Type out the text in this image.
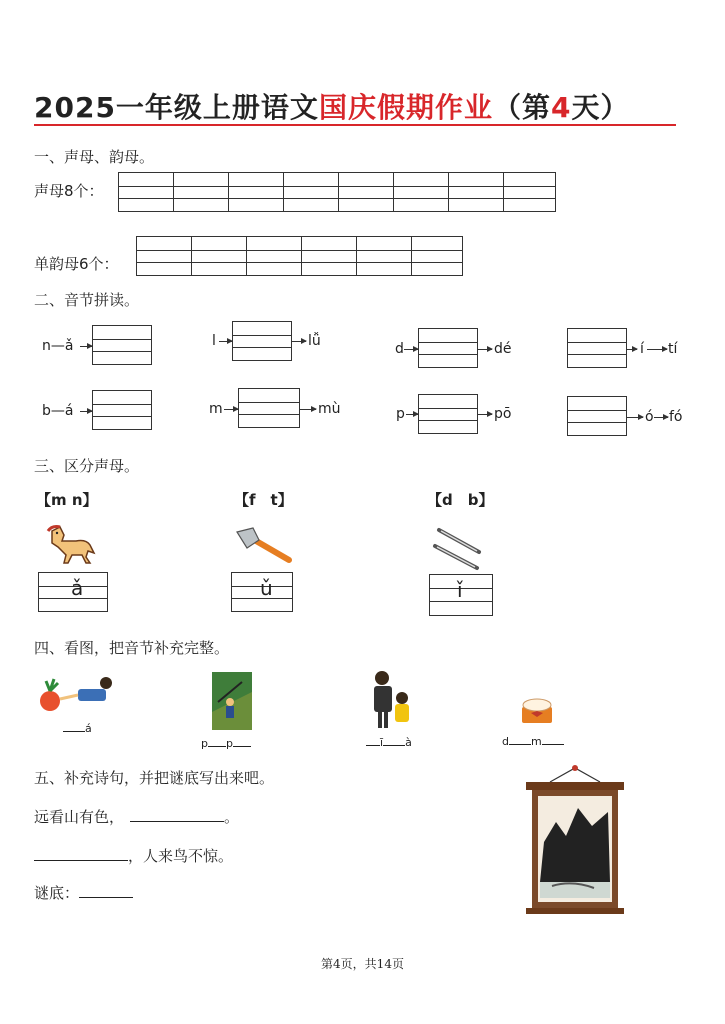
2025一年级上册语文国庆假期作业（第4天）
一、声母、韵母。
声母8个：
单韵母6个：
二、音节拼读。
n—ǎ	l	lǚ	d	dé	í tí
b—á	m	mù	p	pō	ó fó
三、区分声母。
【m n】
ǎ
【f　t】
ǔ
【d　b】
ǐ
四、看图，把音节补充完整。
á
p p	ī à	d m
五、补充诗句，并把谜底写出来吧。
远看山有色，	。
，人来鸟不惊。
谜底：
第4页，共14页
